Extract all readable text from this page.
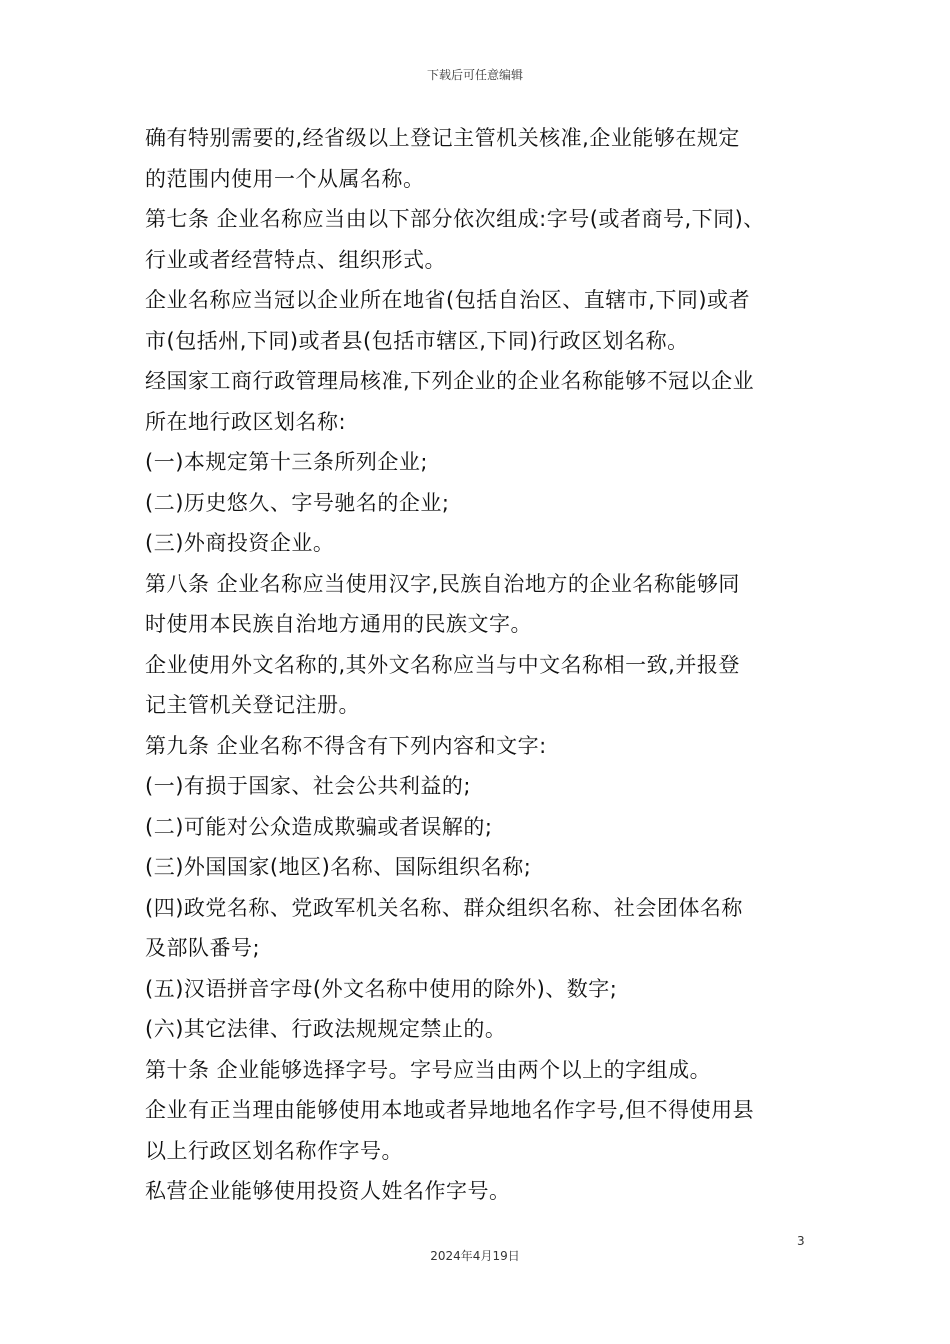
下载后可任意编辑
确有特别需要的,经省级以上登记主管机关核准,企业能够在规定
的范围内使用一个从属名称。
第七条 企业名称应当由以下部分依次组成:字号(或者商号,下同)、
行业或者经营特点、组织形式。
企业名称应当冠以企业所在地省(包括自治区、直辖市,下同)或者
市(包括州,下同)或者县(包括市辖区,下同)行政区划名称。
经国家工商行政管理局核准,下列企业的企业名称能够不冠以企业
所在地行政区划名称:
(一)本规定第十三条所列企业;
(二)历史悠久、字号驰名的企业;
(三)外商投资企业。
第八条 企业名称应当使用汉字,民族自治地方的企业名称能够同
时使用本民族自治地方通用的民族文字。
企业使用外文名称的,其外文名称应当与中文名称相一致,并报登
记主管机关登记注册。
第九条 企业名称不得含有下列内容和文字:
(一)有损于国家、社会公共利益的;
(二)可能对公众造成欺骗或者误解的;
(三)外国国家(地区)名称、国际组织名称;
(四)政党名称、党政军机关名称、群众组织名称、社会团体名称
及部队番号;
(五)汉语拼音字母(外文名称中使用的除外)、数字;
(六)其它法律、行政法规规定禁止的。
第十条 企业能够选择字号。字号应当由两个以上的字组成。
企业有正当理由能够使用本地或者异地地名作字号,但不得使用县
以上行政区划名称作字号。
私营企业能够使用投资人姓名作字号。
3
2024年4月19日
